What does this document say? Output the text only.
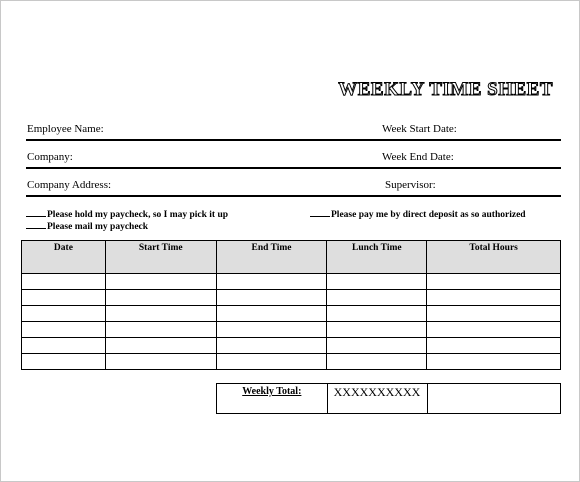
WEEKLY TIME SHEET
Employee Name:	Week Start Date:
Company:	Week End Date:
Company Address:	Supervisor:
Please hold my paycheck, so I may pick it up
Please mail my paycheck
Please pay me by direct deposit as so authorized
Date	Start Time	End Time	Lunch Time	Total Hours

Weekly Total:	XXXXXXXXXX	
